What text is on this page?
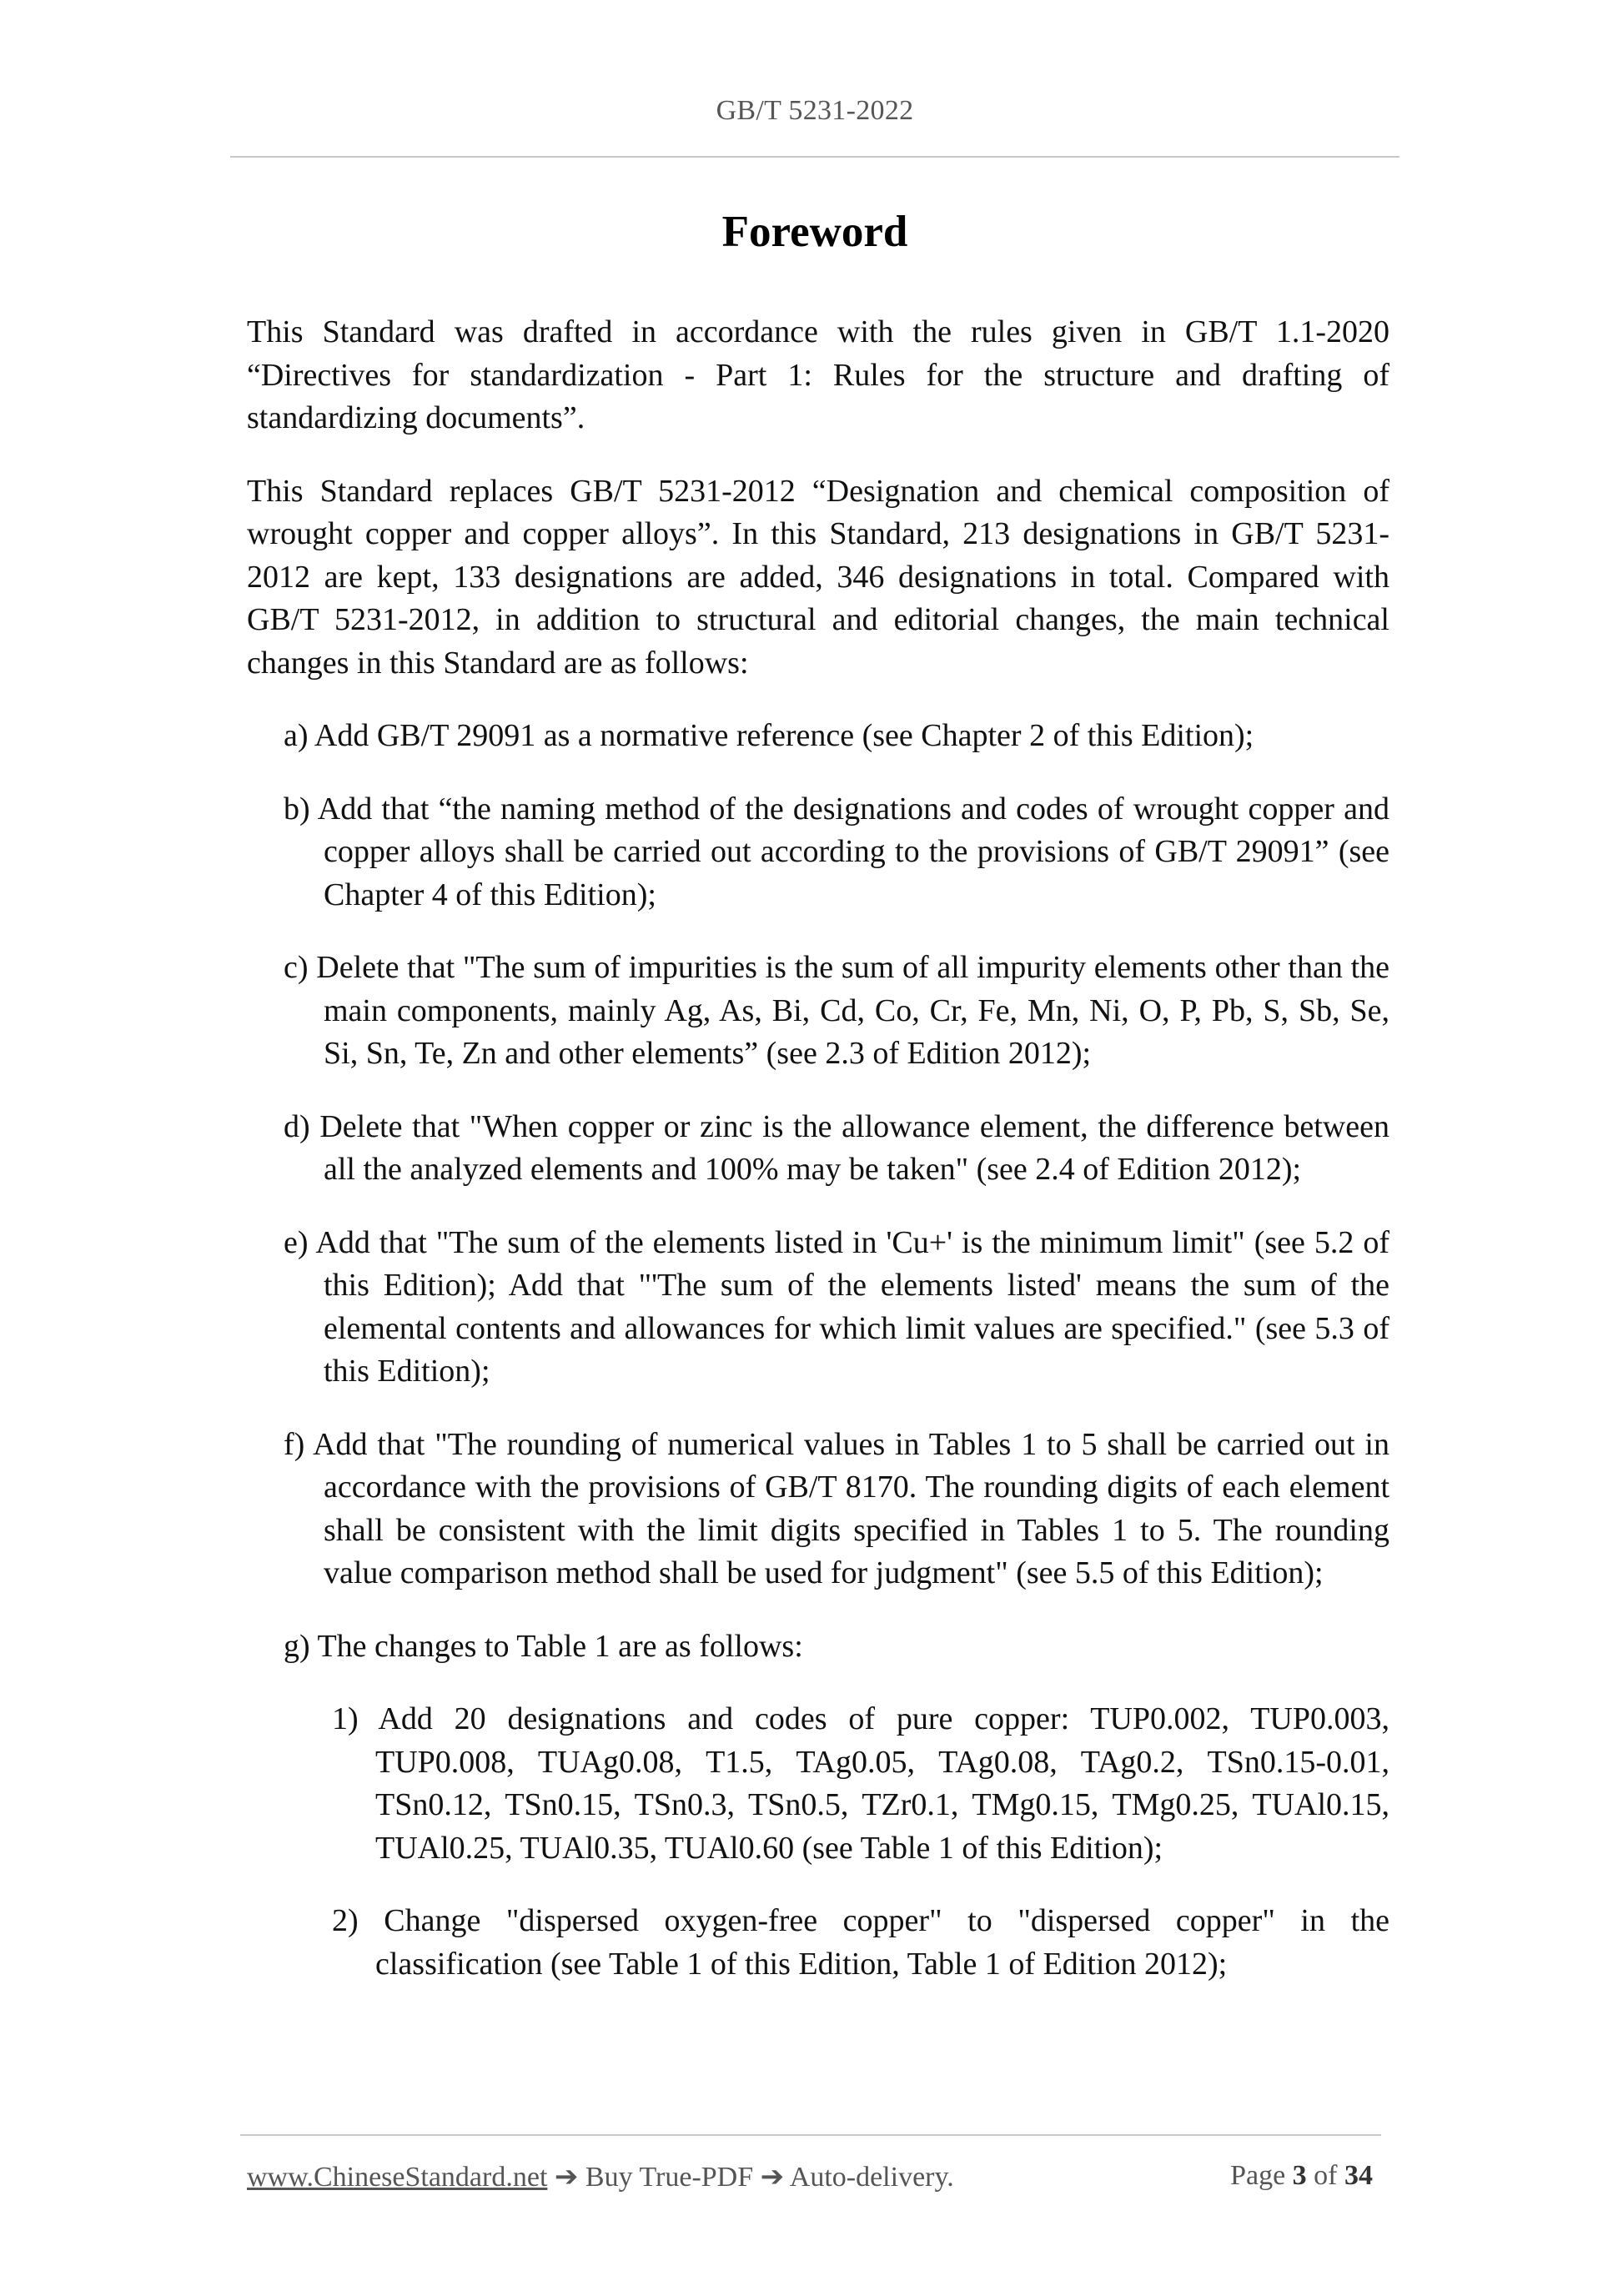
GB/T 5231-2022
Foreword

This Standard was drafted in accordance with the rules given in GB/T 1.1-2020 “Directives for standardization - Part 1: Rules for the structure and drafting of standardizing documents”.

This Standard replaces GB/T 5231-2012 “Designation and chemical composition of wrought copper and copper alloys”. In this Standard, 213 designations in GB/T 5231-2012 are kept, 133 designations are added, 346 designations in total. Compared with GB/T 5231-2012, in addition to structural and editorial changes, the main technical changes in this Standard are as follows:

a) Add GB/T 29091 as a normative reference (see Chapter 2 of this Edition);

b) Add that “the naming method of the designations and codes of wrought copper and copper alloys shall be carried out according to the provisions of GB/T 29091” (see Chapter 4 of this Edition);

c) Delete that "The sum of impurities is the sum of all impurity elements other than the main components, mainly Ag, As, Bi, Cd, Co, Cr, Fe, Mn, Ni, O, P, Pb, S, Sb, Se, Si, Sn, Te, Zn and other elements” (see 2.3 of Edition 2012);

d) Delete that "When copper or zinc is the allowance element, the difference between all the analyzed elements and 100% may be taken" (see 2.4 of Edition 2012);

e) Add that "The sum of the elements listed in 'Cu+' is the minimum limit" (see 5.2 of this Edition); Add that "'The sum of the elements listed' means the sum of the elemental contents and allowances for which limit values are specified." (see 5.3 of this Edition);

f) Add that "The rounding of numerical values in Tables 1 to 5 shall be carried out in accordance with the provisions of GB/T 8170. The rounding digits of each element shall be consistent with the limit digits specified in Tables 1 to 5. The rounding value comparison method shall be used for judgment" (see 5.5 of this Edition);

g) The changes to Table 1 are as follows:

1) Add 20 designations and codes of pure copper: TUP0.002, TUP0.003, TUP0.008, TUAg0.08, T1.5, TAg0.05, TAg0.08, TAg0.2, TSn0.15-0.01, TSn0.12, TSn0.15, TSn0.3, TSn0.5, TZr0.1, TMg0.15, TMg0.25, TUAl0.15, TUAl0.25, TUAl0.35, TUAl0.60 (see Table 1 of this Edition);

2) Change "dispersed oxygen-free copper" to "dispersed copper" in the classification (see Table 1 of this Edition, Table 1 of Edition 2012);

www.ChineseStandard.net ➔ Buy True-PDF ➔ Auto-delivery.	Page 3 of 34
